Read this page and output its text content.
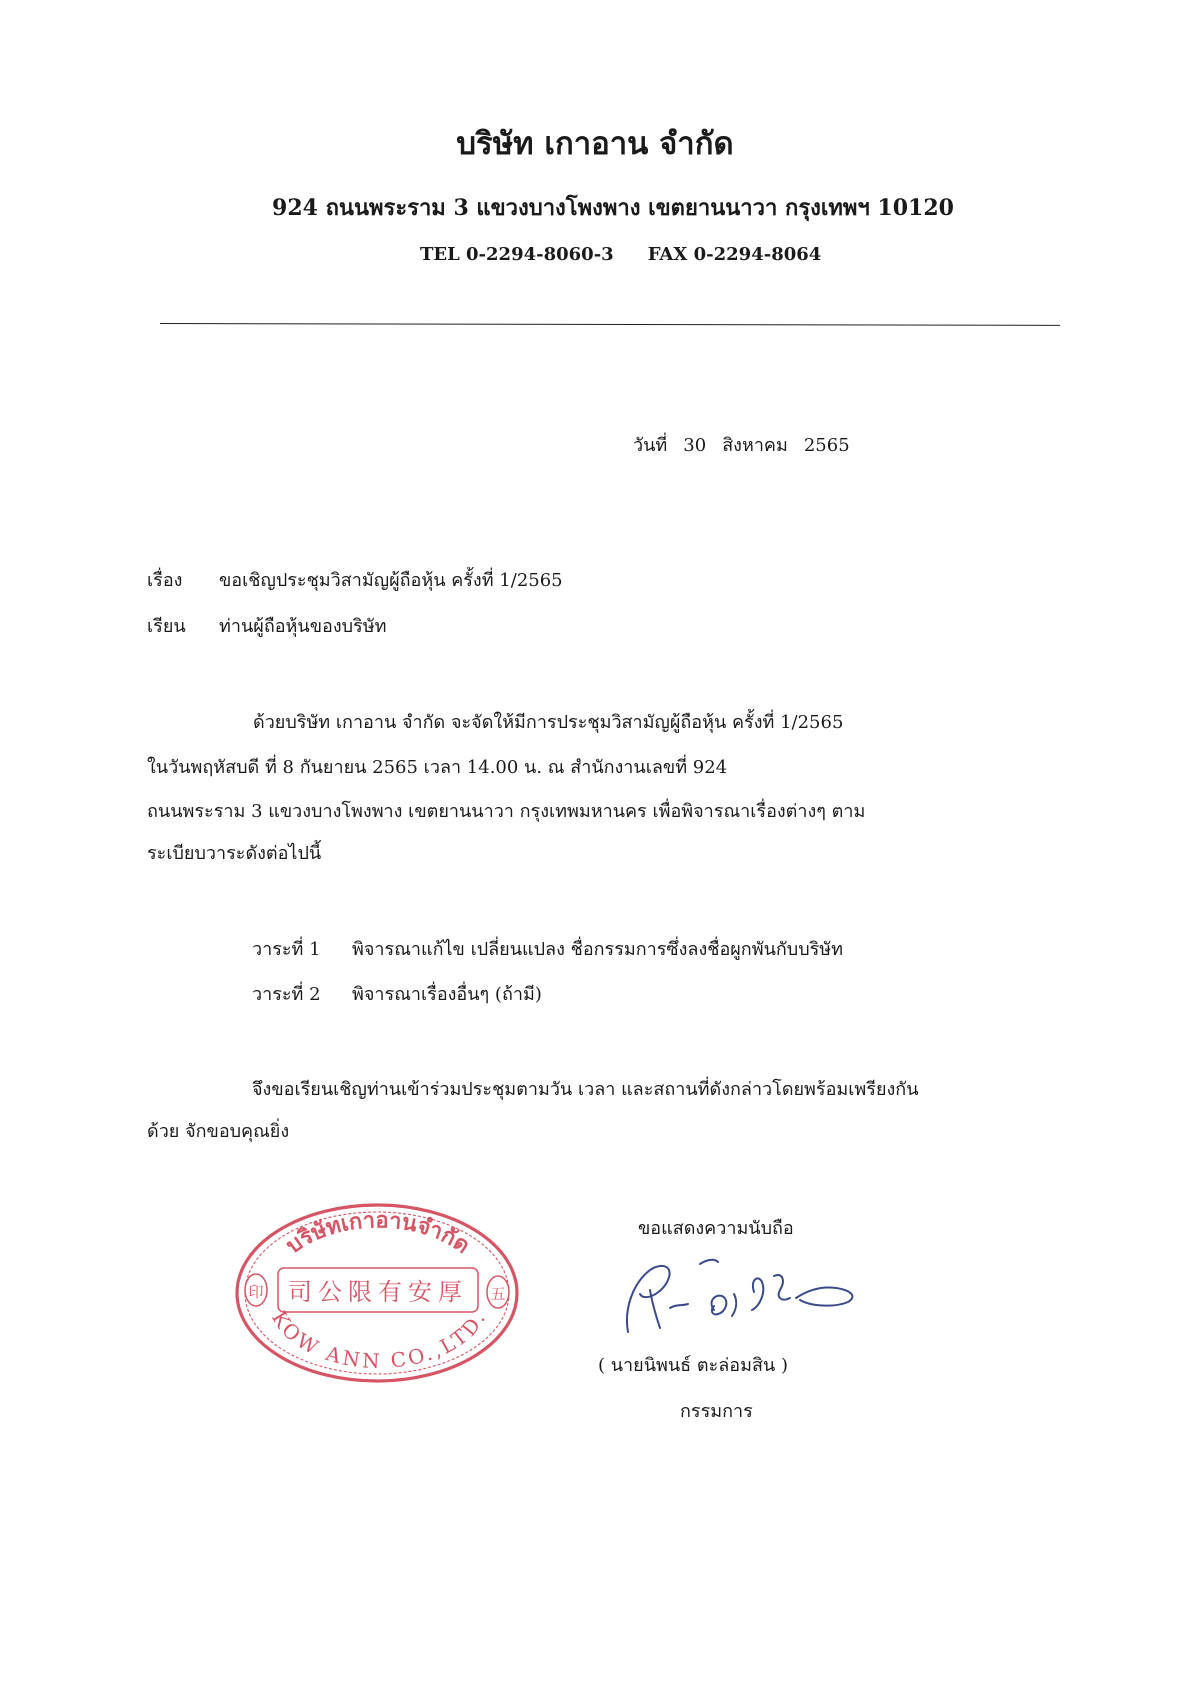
บริษัท เกาอาน จำกัด
924 ถนนพระราม 3 แขวงบางโพงพาง เขตยานนาวา กรุงเทพฯ 10120
TEL 0-2294-8060-3 FAX 0-2294-8064
วันที่ 30 สิงหาคม 2565
เรื่อง ขอเชิญประชุมวิสามัญผู้ถือหุ้น ครั้งที่ 1/2565
เรียน ท่านผู้ถือหุ้นของบริษัท
ด้วยบริษัท เกาอาน จำกัด จะจัดให้มีการประชุมวิสามัญผู้ถือหุ้น ครั้งที่ 1/2565
ในวันพฤหัสบดี ที่ 8 กันยายน 2565 เวลา 14.00 น. ณ สำนักงานเลขที่ 924
ถนนพระราม 3 แขวงบางโพงพาง เขตยานนาวา กรุงเทพมหานคร เพื่อพิจารณาเรื่องต่างๆ ตาม
ระเบียบวาระดังต่อไปนี้
วาระที่ 1 พิจารณาแก้ไข เปลี่ยนแปลง ชื่อกรรมการซึ่งลงชื่อผูกพันกับบริษัท
วาระที่ 2 พิจารณาเรื่องอื่นๆ (ถ้ามี)
จึงขอเรียนเชิญท่านเข้าร่วมประชุมตามวัน เวลา และสถานที่ดังกล่าวโดยพร้อมเพรียงกัน
ด้วย จักขอบคุณยิ่ง
บริษัทเกาอานจำกัด
KOW ANN CO.,LTD.
司公限有安厚
印	五
ขอแสดงความนับถือ
( นายนิพนธ์ ตะล่อมสิน )
กรรมการ
